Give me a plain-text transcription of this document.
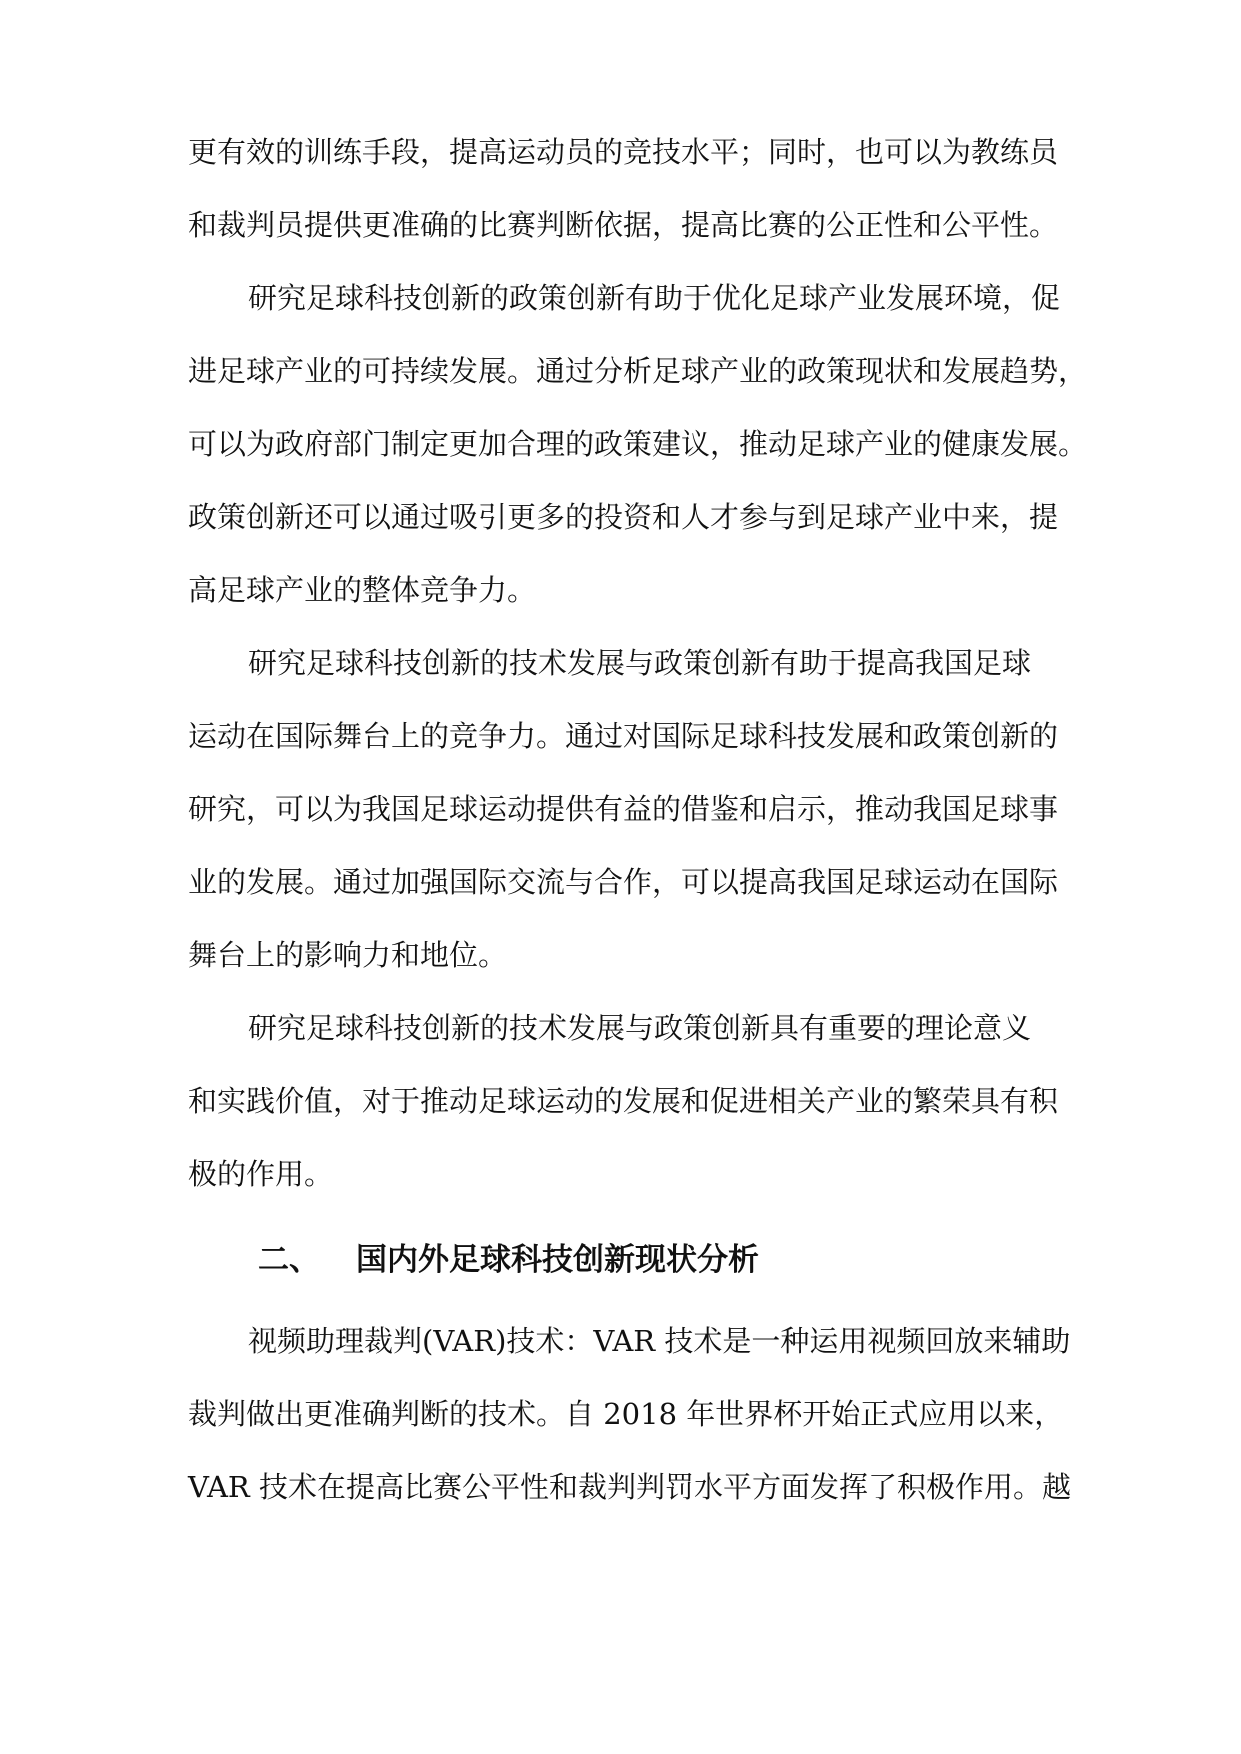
更有效的训练手段，提高运动员的竞技水平；同时，也可以为教练员
和裁判员提供更准确的比赛判断依据，提高比赛的公正性和公平性。
研究足球科技创新的政策创新有助于优化足球产业发展环境，促
进足球产业的可持续发展。通过分析足球产业的政策现状和发展趋势，
可以为政府部门制定更加合理的政策建议，推动足球产业的健康发展。
政策创新还可以通过吸引更多的投资和人才参与到足球产业中来，提
高足球产业的整体竞争力。
研究足球科技创新的技术发展与政策创新有助于提高我国足球
运动在国际舞台上的竞争力。通过对国际足球科技发展和政策创新的
研究，可以为我国足球运动提供有益的借鉴和启示，推动我国足球事
业的发展。通过加强国际交流与合作，可以提高我国足球运动在国际
舞台上的影响力和地位。
研究足球科技创新的技术发展与政策创新具有重要的理论意义
和实践价值，对于推动足球运动的发展和促进相关产业的繁荣具有积
极的作用。
二、 国内外足球科技创新现状分析
视频助理裁判(VAR)技术：VAR 技术是一种运用视频回放来辅助
裁判做出更准确判断的技术。自 2018 年世界杯开始正式应用以来，
VAR 技术在提高比赛公平性和裁判判罚水平方面发挥了积极作用。越
